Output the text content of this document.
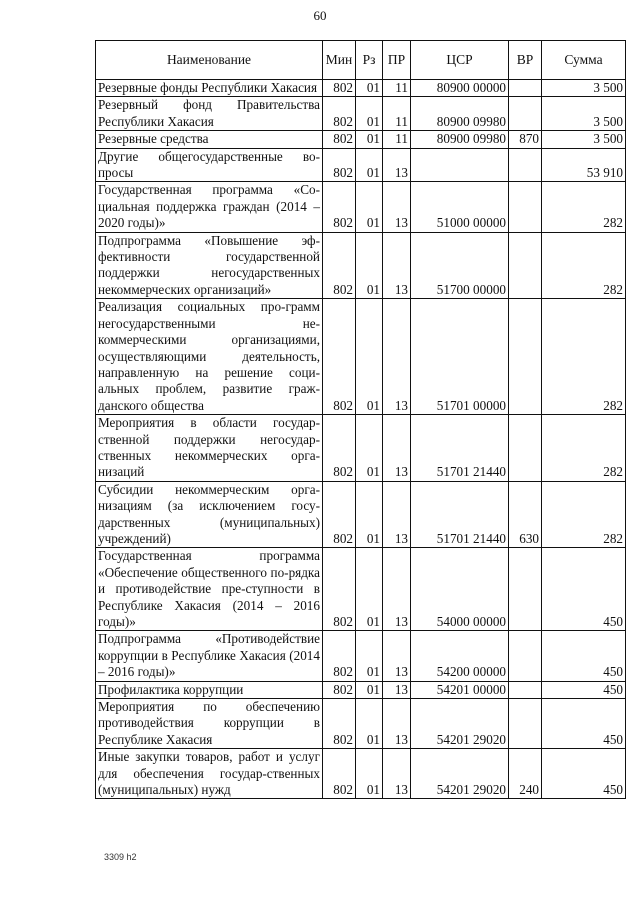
60
Наименование	Мин	Рз	ПР	ЦСР	ВР	Сумма
Резервные фонды Республики Хакасия	802	01	11	80900 00000		3 500
Резервный фонд Правительства Республики Хакасия	802	01	11	80900 09980		3 500
Резервные средства	802	01	11	80900 09980	870	3 500
Другие общегосударственные во-просы	802	01	13			53 910
Государственная программа «Со-циальная поддержка граждан (2014 – 2020 годы)»	802	01	13	51000 00000		282
Подпрограмма «Повышение эф-фективности государственной поддержки негосударственных некоммерческих организаций»	802	01	13	51700 00000		282
Реализация социальных про-грамм негосударственными не-коммерческими организациями, осуществляющими деятельность, направленную на решение соци-альных проблем, развитие граж-данского общества	802	01	13	51701 00000		282
Мероприятия в области государ-ственной поддержки негосудар-ственных некоммерческих орга-низаций	802	01	13	51701 21440		282
Субсидии некоммерческим орга-низациям (за исключением госу-дарственных (муниципальных) учреждений)	802	01	13	51701 21440	630	282
Государственная программа «Обеспечение общественного по-рядка и противодействие пре-ступности в Республике Хакасия (2014 – 2016 годы)»	802	01	13	54000 00000		450
Подпрограмма «Противодействие коррупции в Республике Хакасия (2014 – 2016 годы)»	802	01	13	54200 00000		450
Профилактика коррупции	802	01	13	54201 00000		450
Мероприятия по обеспечению противодействия коррупции в Республике Хакасия	802	01	13	54201 29020		450
Иные закупки товаров, работ и услуг для обеспечения государ-ственных (муниципальных) нужд	802	01	13	54201 29020	240	450
3309 h2
